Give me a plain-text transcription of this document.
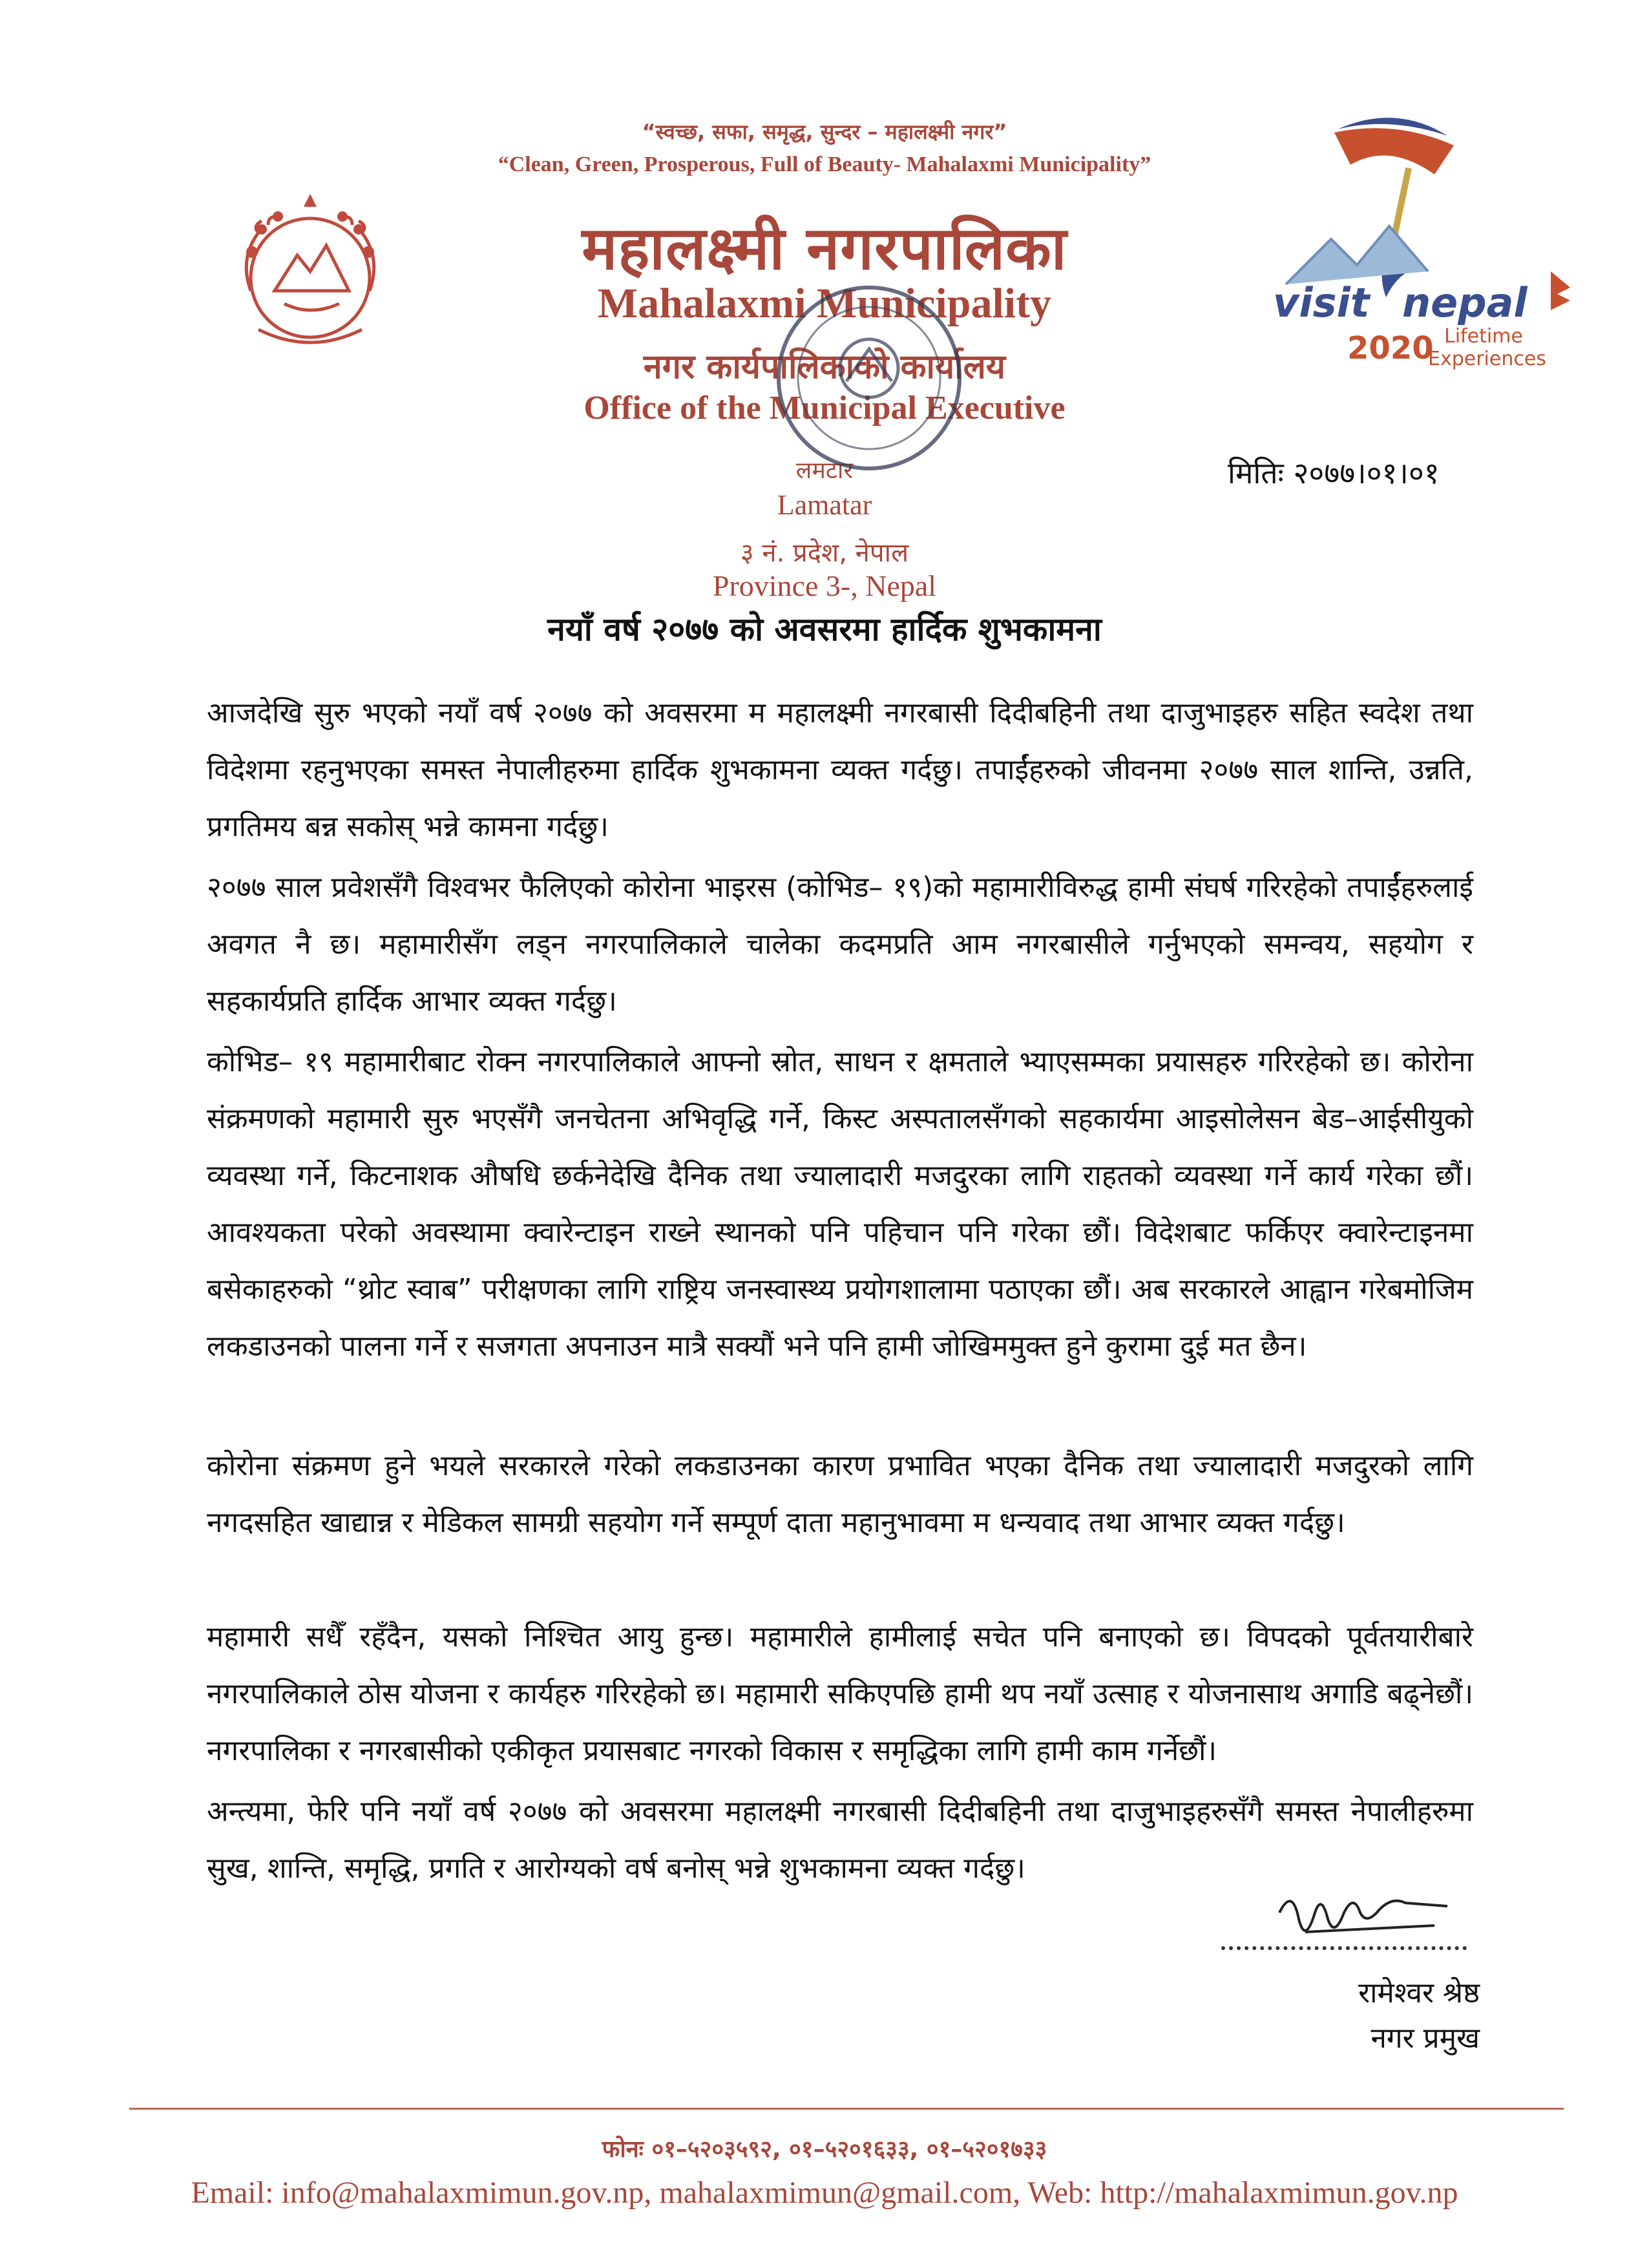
visit nepal
2020 Lifetime
Experiences
“स्वच्छ, सफा, समृद्ध, सुन्दर – महालक्ष्मी नगर”
“Clean, Green, Prosperous, Full of Beauty- Mahalaxmi Municipality”
महालक्ष्मी नगरपालिका
Mahalaxmi Municipality
नगर कार्यपालिकाको कार्यालय
Office of the Municipal Executive
लमटार
Lamatar
३ नं. प्रदेश, नेपाल
Province 3-, Nepal
मितिः २०७७।०१।०१
नयाँ वर्ष २०७७ को अवसरमा हार्दिक शुभकामना
आजदेखि सुरु भएको नयाँ वर्ष २०७७ को अवसरमा म महालक्ष्मी नगरबासी दिदीबहिनी तथा दाजुभाइहरु सहित स्वदेश तथा विदेशमा रहनुभएका समस्त नेपालीहरुमा हार्दिक शुभकामना व्यक्त गर्दछु। तपाईंहरुको जीवनमा २०७७ साल शान्ति, उन्नति, प्रगतिमय बन्न सकोस् भन्ने कामना गर्दछु।
२०७७ साल प्रवेशसँगै विश्वभर फैलिएको कोरोना भाइरस (कोभिड– १९)को महामारीविरुद्ध हामी संघर्ष गरिरहेको तपाईंहरुलाई अवगत नै छ। महामारीसँग लड्न नगरपालिकाले चालेका कदमप्रति आम नगरबासीले गर्नुभएको समन्वय, सहयोग र सहकार्यप्रति हार्दिक आभार व्यक्त गर्दछु।
कोभिड– १९ महामारीबाट रोक्न नगरपालिकाले आफ्नो स्रोत, साधन र क्षमताले भ्याएसम्मका प्रयासहरु गरिरहेको छ। कोरोना संक्रमणको महामारी सुरु भएसँगै जनचेतना अभिवृद्धि गर्ने, किस्ट अस्पतालसँगको सहकार्यमा आइसोलेसन बेड–आईसीयुको व्यवस्था गर्ने, किटनाशक औषधि छर्कनेदेखि दैनिक तथा ज्यालादारी मजदुरका लागि राहतको व्यवस्था गर्ने कार्य गरेका छौं। आवश्यकता परेको अवस्थामा क्वारेन्टाइन राख्ने स्थानको पनि पहिचान पनि गरेका छौं। विदेशबाट फर्किएर क्वारेन्टाइनमा बसेकाहरुको “थ्रोट स्वाब” परीक्षणका लागि राष्ट्रिय जनस्वास्थ्य प्रयोगशालामा पठाएका छौं। अब सरकारले आह्वान गरेबमोजिम लकडाउनको पालना गर्ने र सजगता अपनाउन मात्रै सक्यौं भने पनि हामी जोखिममुक्त हुने कुरामा दुई मत छैन।
कोरोना संक्रमण हुने भयले सरकारले गरेको लकडाउनका कारण प्रभावित भएका दैनिक तथा ज्यालादारी मजदुरको लागि नगदसहित खाद्यान्न र मेडिकल सामग्री सहयोग गर्ने सम्पूर्ण दाता महानुभावमा म धन्यवाद तथा आभार व्यक्त गर्दछु।
महामारी सधैँ रहँदैन, यसको निश्चित आयु हुन्छ। महामारीले हामीलाई सचेत पनि बनाएको छ। विपदको पूर्वतयारीबारे नगरपालिकाले ठोस योजना र कार्यहरु गरिरहेको छ। महामारी सकिएपछि हामी थप नयाँ उत्साह र योजनासाथ अगाडि बढ्नेछौं। नगरपालिका र नगरबासीको एकीकृत प्रयासबाट नगरको विकास र समृद्धिका लागि हामी काम गर्नेछौं।
अन्त्यमा, फेरि पनि नयाँ वर्ष २०७७ को अवसरमा महालक्ष्मी नगरबासी दिदीबहिनी तथा दाजुभाइहरुसँगै समस्त नेपालीहरुमा सुख, शान्ति, समृद्धि, प्रगति र आरोग्यको वर्ष बनोस् भन्ने शुभकामना व्यक्त गर्दछु।
रामेश्वर श्रेष्ठ
नगर प्रमुख
फोनः ०१–५२०३५९२, ०१–५२०१६३३, ०१–५२०१७३३
Email: info@mahalaxmimun.gov.np, mahalaxmimun@gmail.com, Web: http://mahalaxmimun.gov.np
